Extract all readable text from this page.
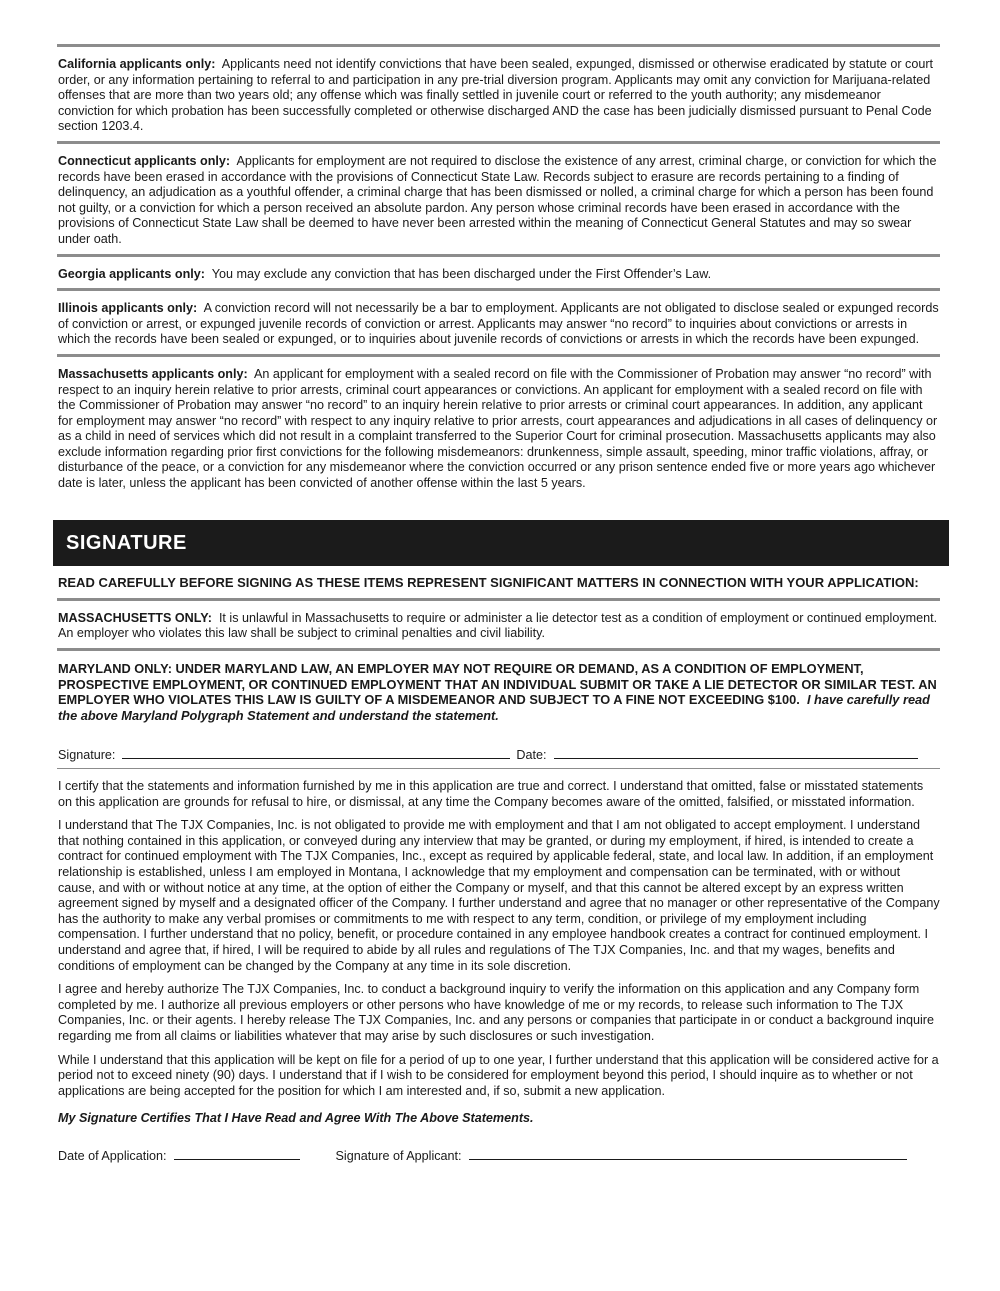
California applicants only: Applicants need not identify convictions that have been sealed, expunged, dismissed or otherwise eradicated by statute or court order, or any information pertaining to referral to and participation in any pre-trial diversion program. Applicants may omit any conviction for Marijuana-related offenses that are more than two years old; any offense which was finally settled in juvenile court or referred to the youth authority; any misdemeanor conviction for which probation has been successfully completed or otherwise discharged AND the case has been judicially dismissed pursuant to Penal Code section 1203.4.

Connecticut applicants only: Applicants for employment are not required to disclose the existence of any arrest, criminal charge, or conviction for which the records have been erased in accordance with the provisions of Connecticut State Law. Records subject to erasure are records pertaining to a finding of delinquency, an adjudication as a youthful offender, a criminal charge that has been dismissed or nolled, a criminal charge for which a person has been found not guilty, or a conviction for which a person received an absolute pardon. Any person whose criminal records have been erased in accordance with the provisions of Connecticut State Law shall be deemed to have never been arrested within the meaning of Connecticut General Statutes and may so swear under oath.

Georgia applicants only: You may exclude any conviction that has been discharged under the First Offender’s Law.

Illinois applicants only: A conviction record will not necessarily be a bar to employment. Applicants are not obligated to disclose sealed or expunged records of conviction or arrest, or expunged juvenile records of conviction or arrest. Applicants may answer “no record” to inquiries about convictions or arrests in which the records have been sealed or expunged, or to inquiries about juvenile records of convictions or arrests in which the records have been expunged.

Massachusetts applicants only: An applicant for employment with a sealed record on file with the Commissioner of Probation may answer “no record” with respect to an inquiry herein relative to prior arrests, criminal court appearances or convictions. An applicant for employment with a sealed record on file with the Commissioner of Probation may answer “no record” to an inquiry herein relative to prior arrests or criminal court appearances. In addition, any applicant for employment may answer “no record” with respect to any inquiry relative to prior arrests, court appearances and adjudications in all cases of delinquency or as a child in need of services which did not result in a complaint transferred to the Superior Court for criminal prosecution. Massachusetts applicants may also exclude information regarding prior first convictions for the following misdemeanors: drunkenness, simple assault, speeding, minor traffic violations, affray, or disturbance of the peace, or a conviction for any misdemeanor where the conviction occurred or any prison sentence ended five or more years ago whichever date is later, unless the applicant has been convicted of another offense within the last 5 years.

SIGNATURE
READ CAREFULLY BEFORE SIGNING AS THESE ITEMS REPRESENT SIGNIFICANT MATTERS IN CONNECTION WITH YOUR APPLICATION:

MASSACHUSETTS ONLY: It is unlawful in Massachusetts to require or administer a lie detector test as a condition of employment or continued employment. An employer who violates this law shall be subject to criminal penalties and civil liability.

MARYLAND ONLY: UNDER MARYLAND LAW, AN EMPLOYER MAY NOT REQUIRE OR DEMAND, AS A CONDITION OF EMPLOYMENT, PROSPECTIVE EMPLOYMENT, OR CONTINUED EMPLOYMENT THAT AN INDIVIDUAL SUBMIT OR TAKE A LIE DETECTOR OR SIMILAR TEST. AN EMPLOYER WHO VIOLATES THIS LAW IS GUILTY OF A MISDEMEANOR AND SUBJECT TO A FINE NOT EXCEEDING $100. I have carefully read the above Maryland Polygraph Statement and understand the statement.

Signature:	Date:

I certify that the statements and information furnished by me in this application are true and correct. I understand that omitted, false or misstated statements on this application are grounds for refusal to hire, or dismissal, at any time the Company becomes aware of the omitted, falsified, or misstated information.

I understand that The TJX Companies, Inc. is not obligated to provide me with employment and that I am not obligated to accept employment. I understand that nothing contained in this application, or conveyed during any interview that may be granted, or during my employment, if hired, is intended to create a contract for continued employment with The TJX Companies, Inc., except as required by applicable federal, state, and local law. In addition, if an employment relationship is established, unless I am employed in Montana, I acknowledge that my employment and compensation can be terminated, with or without cause, and with or without notice at any time, at the option of either the Company or myself, and that this cannot be altered except by an express written agreement signed by myself and a designated officer of the Company. I further understand and agree that no manager or other representative of the Company has the authority to make any verbal promises or commitments to me with respect to any term, condition, or privilege of my employment including compensation. I further understand that no policy, benefit, or procedure contained in any employee handbook creates a contract for continued employment. I understand and agree that, if hired, I will be required to abide by all rules and regulations of The TJX Companies, Inc. and that my wages, benefits and conditions of employment can be changed by the Company at any time in its sole discretion.

I agree and hereby authorize The TJX Companies, Inc. to conduct a background inquiry to verify the information on this application and any Company form completed by me. I authorize all previous employers or other persons who have knowledge of me or my records, to release such information to The TJX Companies, Inc. or their agents. I hereby release The TJX Companies, Inc. and any persons or companies that participate in or conduct a background inquire regarding me from all claims or liabilities whatever that may arise by such disclosures or such investigation.

While I understand that this application will be kept on file for a period of up to one year, I further understand that this application will be considered active for a period not to exceed ninety (90) days. I understand that if I wish to be considered for employment beyond this period, I should inquire as to whether or not applications are being accepted for the position for which I am interested and, if so, submit a new application.

My Signature Certifies That I Have Read and Agree With The Above Statements.

Date of Application:	Signature of Applicant:
